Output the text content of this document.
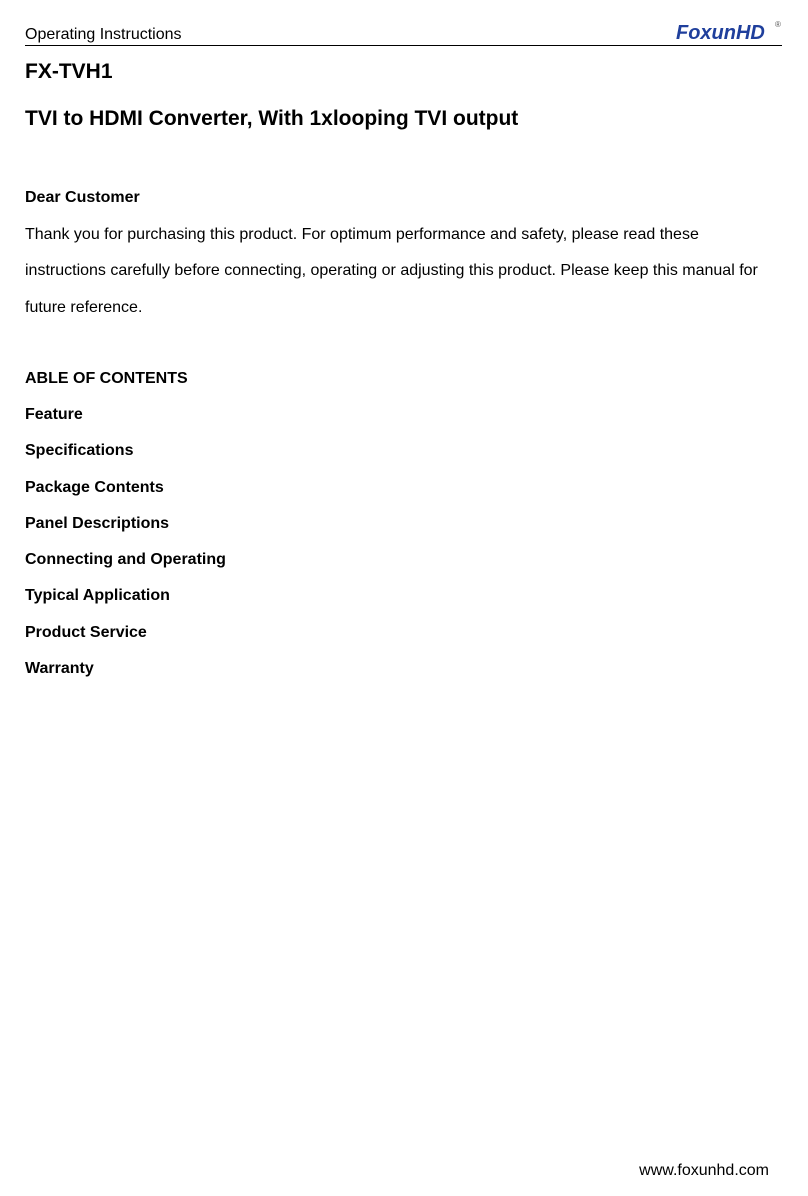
Operating Instructions	FoxunHD ®
FX-TVH1
TVI to HDMI Converter, With 1xlooping TVI output

Dear Customer

Thank you for purchasing this product. For optimum performance and safety, please read these instructions carefully before connecting, operating or adjusting this product. Please keep this manual for future reference.

ABLE OF CONTENTS

Feature
Specifications
Package Contents
Panel Descriptions
Connecting and Operating
Typical Application
Product Service
Warranty
www.foxunhd.com
